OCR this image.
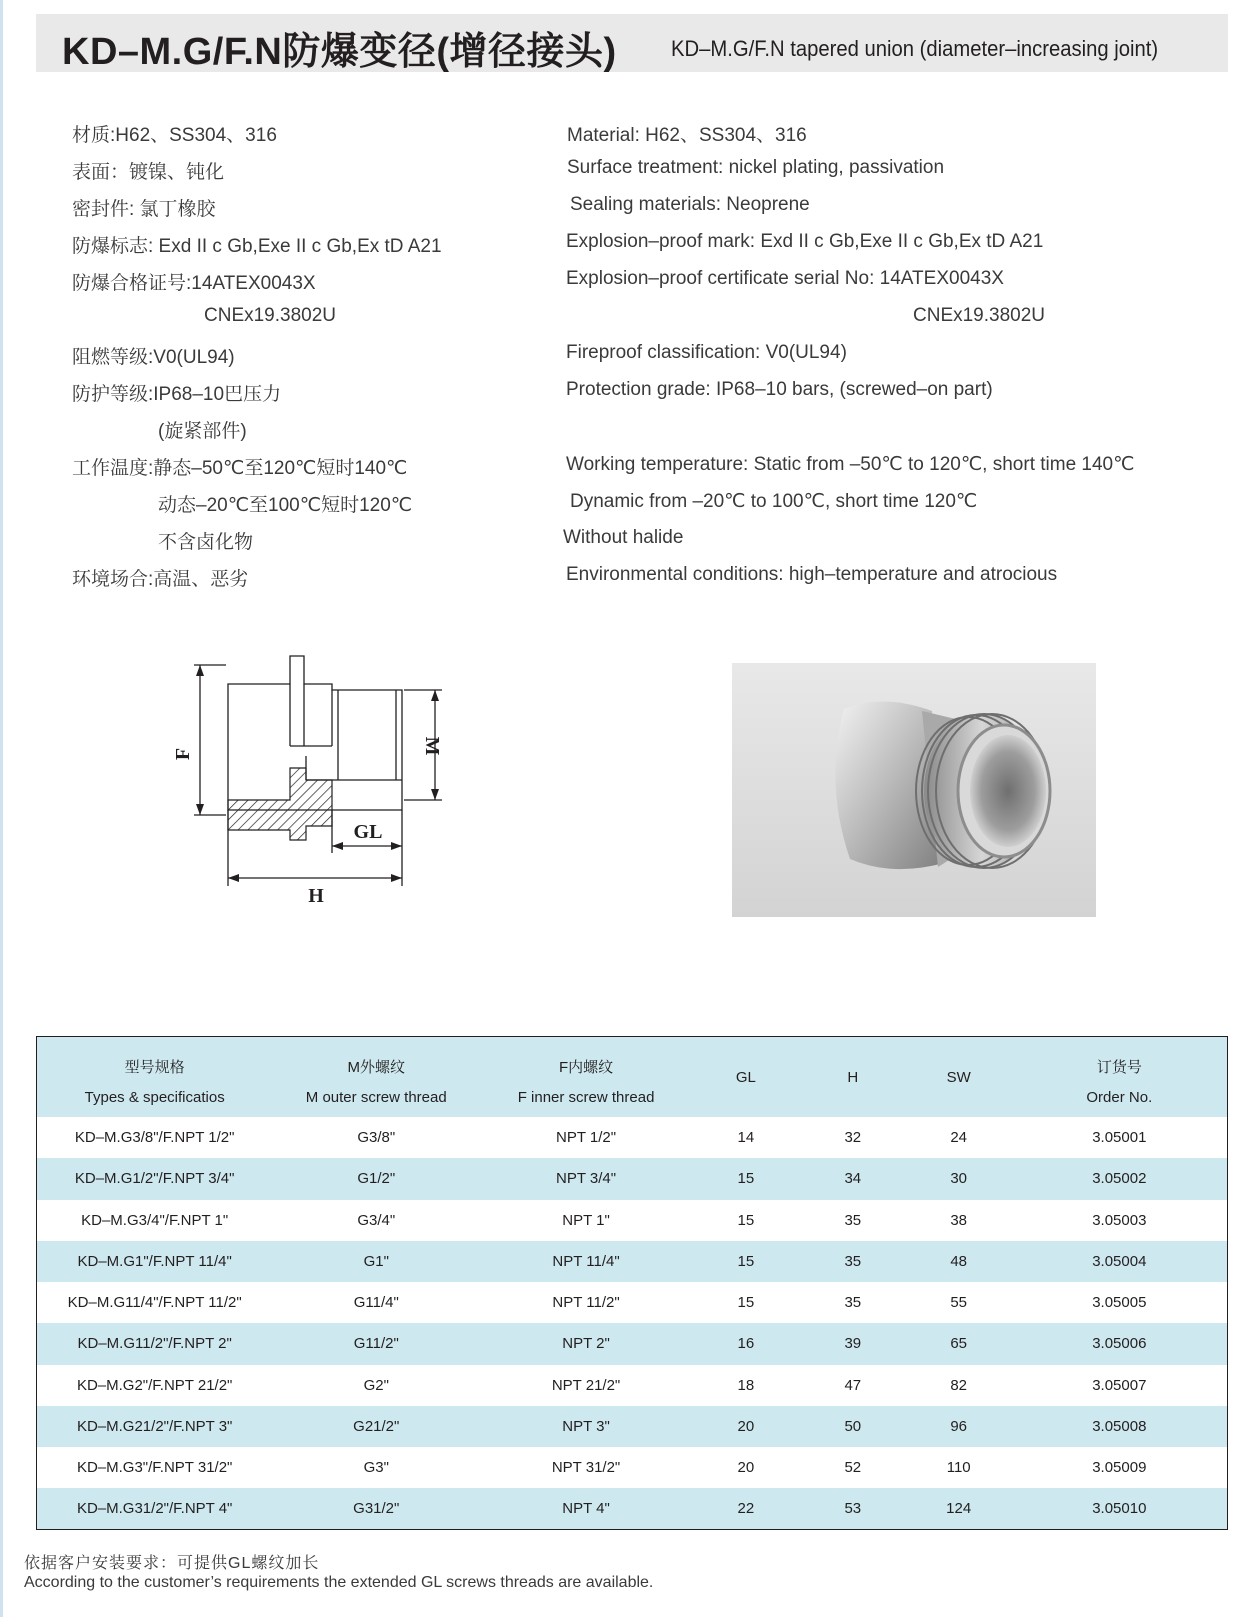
KD–M.G/F.N防爆变径(增径接头) KD–M.G/F.N tapered union (diameter–increasing joint)
材质:H62、SS304、316
表面：镀镍、钝化
密封件: 氯丁橡胶
防爆标志: Exd II c Gb,Exe II c Gb,Ex tD A21
防爆合格证号:14ATEX0043X
CNEx19.3802U
阻燃等级:V0(UL94)
防护等级:IP68–10巴压力
(旋紧部件)
工作温度:静态–50℃至120℃短时140℃
动态–20℃至100℃短时120℃
不含卤化物
环境场合:高温、恶劣
Material: H62、SS304、316
Surface treatment: nickel plating, passivation
Sealing materials: Neoprene
Explosion–proof mark: Exd II c Gb,Exe II c Gb,Ex tD A21
Explosion–proof certificate serial No: 14ATEX0043X
CNEx19.3802U
Fireproof classification: V0(UL94)
Protection grade: IP68–10 bars, (screwed–on part)
Working temperature: Static from –50℃ to 120℃, short time 140℃
Dynamic from –20℃ to 100℃, short time 120℃
Without halide
Environmental conditions: high–temperature and atrocious
F	M
GL
H
型号规格	M外螺纹	F内螺纹	GL	H	SW	订货号
Types & specificatios	M outer screw thread	F inner screw thread				Order No.
KD–M.G3/8"/F.NPT 1/2"	G3/8"	NPT 1/2"	14	32	24	3.05001
KD–M.G1/2"/F.NPT 3/4"	G1/2"	NPT 3/4"	15	34	30	3.05002
KD–M.G3/4"/F.NPT 1"	G3/4"	NPT 1"	15	35	38	3.05003
KD–M.G1"/F.NPT 11/4"	G1"	NPT 11/4"	15	35	48	3.05004
KD–M.G11/4"/F.NPT 11/2"	G11/4"	NPT 11/2"	15	35	55	3.05005
KD–M.G11/2"/F.NPT 2"	G11/2"	NPT 2"	16	39	65	3.05006
KD–M.G2"/F.NPT 21/2"	G2"	NPT 21/2"	18	47	82	3.05007
KD–M.G21/2"/F.NPT 3"	G21/2"	NPT 3"	20	50	96	3.05008
KD–M.G3"/F.NPT 31/2"	G3"	NPT 31/2"	20	52	110	3.05009
KD–M.G31/2"/F.NPT 4"	G31/2"	NPT 4"	22	53	124	3.05010
依据客户安装要求：可提供GL螺纹加长
According to the customer’s requirements the extended GL screws threads are available.
